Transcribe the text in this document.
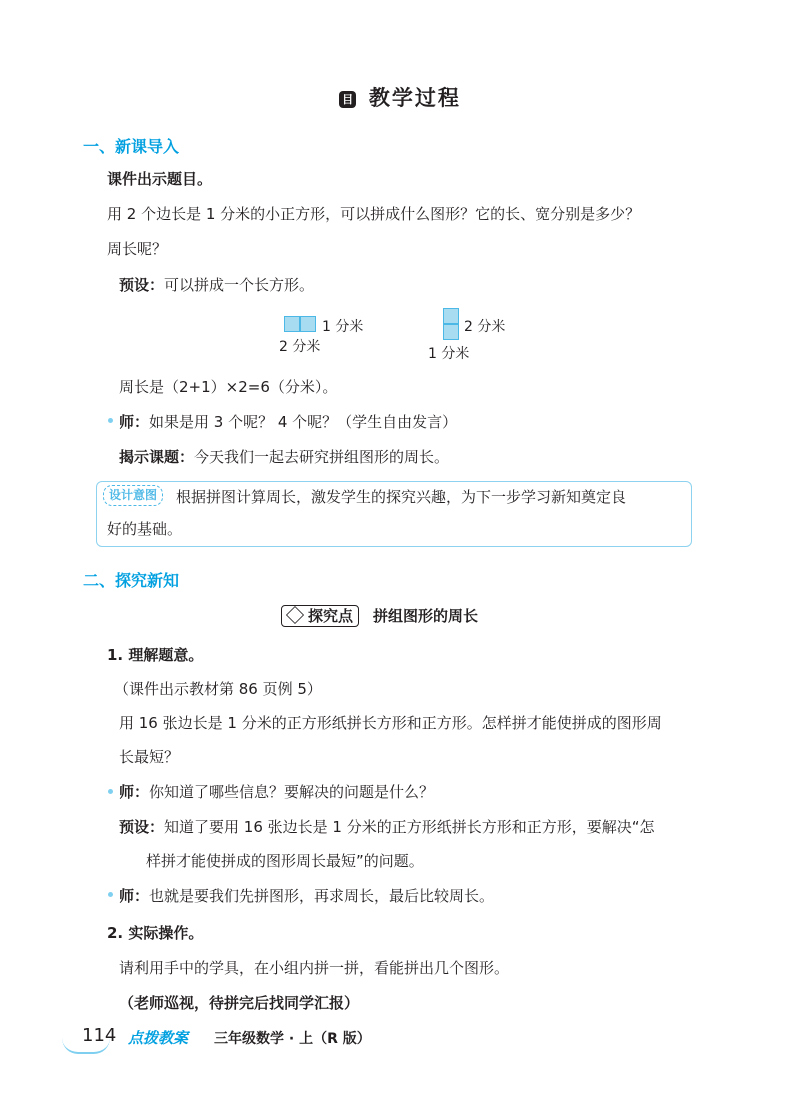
目 教学过程
一、新课导入
课件出示题目。
用 2 个边长是 1 分米的小正方形，可以拼成什么图形？它的长、宽分别是多少？
周长呢？
预设：可以拼成一个长方形。
1 分米
2 分米
2 分米
1 分米
周长是（2+1）×2=6（分米）。
师：如果是用 3 个呢？ 4 个呢？（学生自由发言）
揭示课题：今天我们一起去研究拼组图形的周长。
设计意图	根据拼图计算周长，激发学生的探究兴趣，为下一步学习新知奠定良
好的基础。
二、探究新知
探究点 拼组图形的周长
1. 理解题意。
（课件出示教材第 86 页例 5）
用 16 张边长是 1 分米的正方形纸拼长方形和正方形。怎样拼才能使拼成的图形周
长最短？
师：你知道了哪些信息？要解决的问题是什么？
预设：知道了要用 16 张边长是 1 分米的正方形纸拼长方形和正方形，要解决“怎
样拼才能使拼成的图形周长最短”的问题。
师：也就是要我们先拼图形，再求周长，最后比较周长。
2. 实际操作。
请利用手中的学具，在小组内拼一拼，看能拼出几个图形。
（老师巡视，待拼完后找同学汇报）
114 点拨教案 三年级数学 · 上（R 版）
